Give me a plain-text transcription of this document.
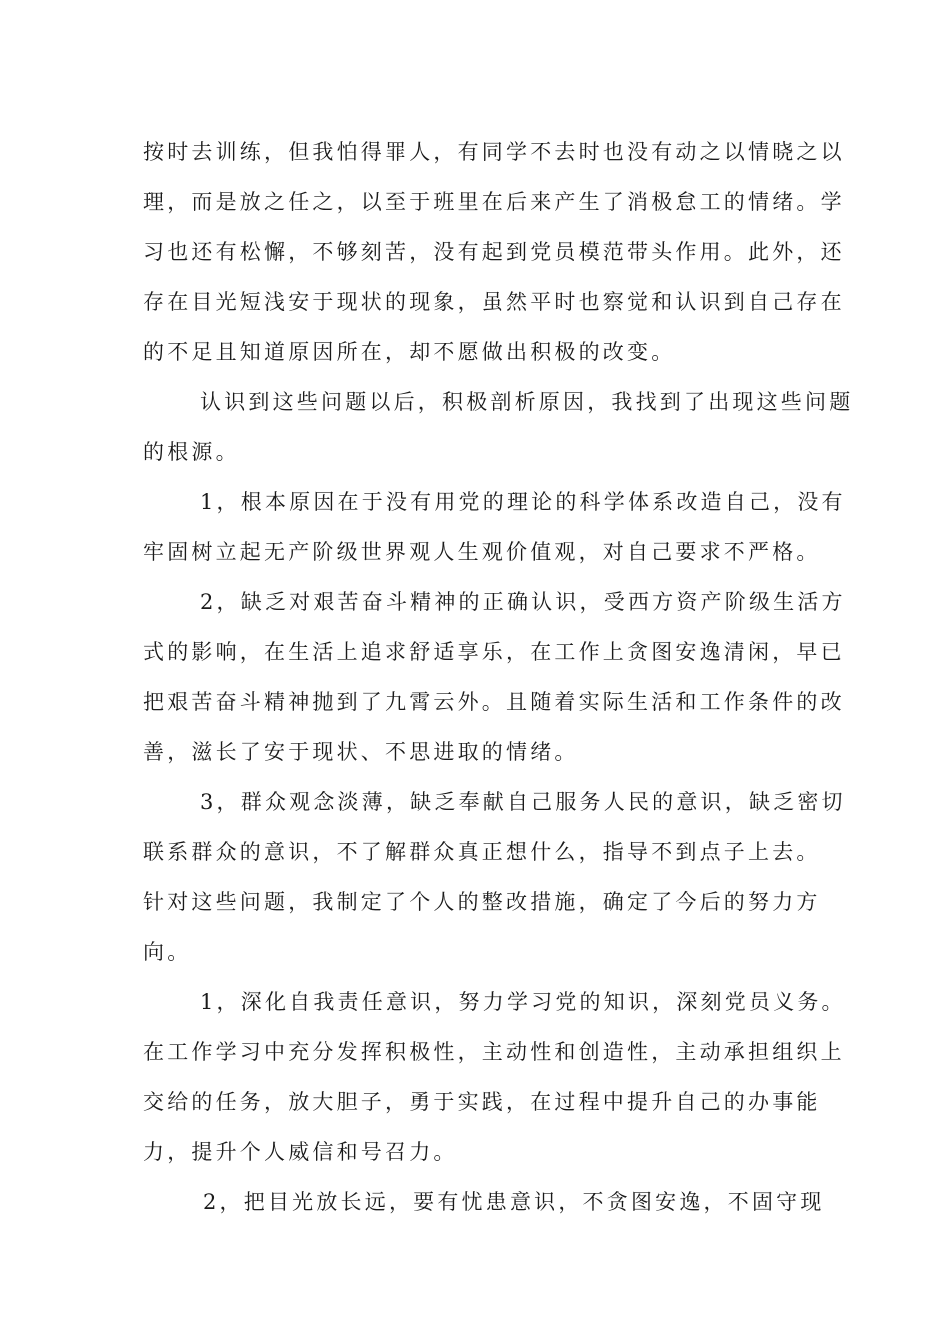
按时去训练，但我怕得罪人，有同学不去时也没有动之以情晓之以
理，而是放之任之，以至于班里在后来产生了消极怠工的情绪。学
习也还有松懈，不够刻苦，没有起到党员模范带头作用。此外，还
存在目光短浅安于现状的现象，虽然平时也察觉和认识到自己存在
的不足且知道原因所在，却不愿做出积极的改变。
认识到这些问题以后，积极剖析原因，我找到了出现这些问题
的根源。
1，根本原因在于没有用党的理论的科学体系改造自己，没有
牢固树立起无产阶级世界观人生观价值观，对自己要求不严格。
2，缺乏对艰苦奋斗精神的正确认识，受西方资产阶级生活方
式的影响，在生活上追求舒适享乐，在工作上贪图安逸清闲，早已
把艰苦奋斗精神抛到了九霄云外。且随着实际生活和工作条件的改
善，滋长了安于现状、不思进取的情绪。
3，群众观念淡薄，缺乏奉献自己服务人民的意识，缺乏密切
联系群众的意识，不了解群众真正想什么，指导不到点子上去。
针对这些问题，我制定了个人的整改措施，确定了今后的努力方
向。
1，深化自我责任意识，努力学习党的知识，深刻党员义务。
在工作学习中充分发挥积极性，主动性和创造性，主动承担组织上
交给的任务，放大胆子，勇于实践，在过程中提升自己的办事能
力，提升个人威信和号召力。
2，把目光放长远，要有忧患意识，不贪图安逸，不固守现
